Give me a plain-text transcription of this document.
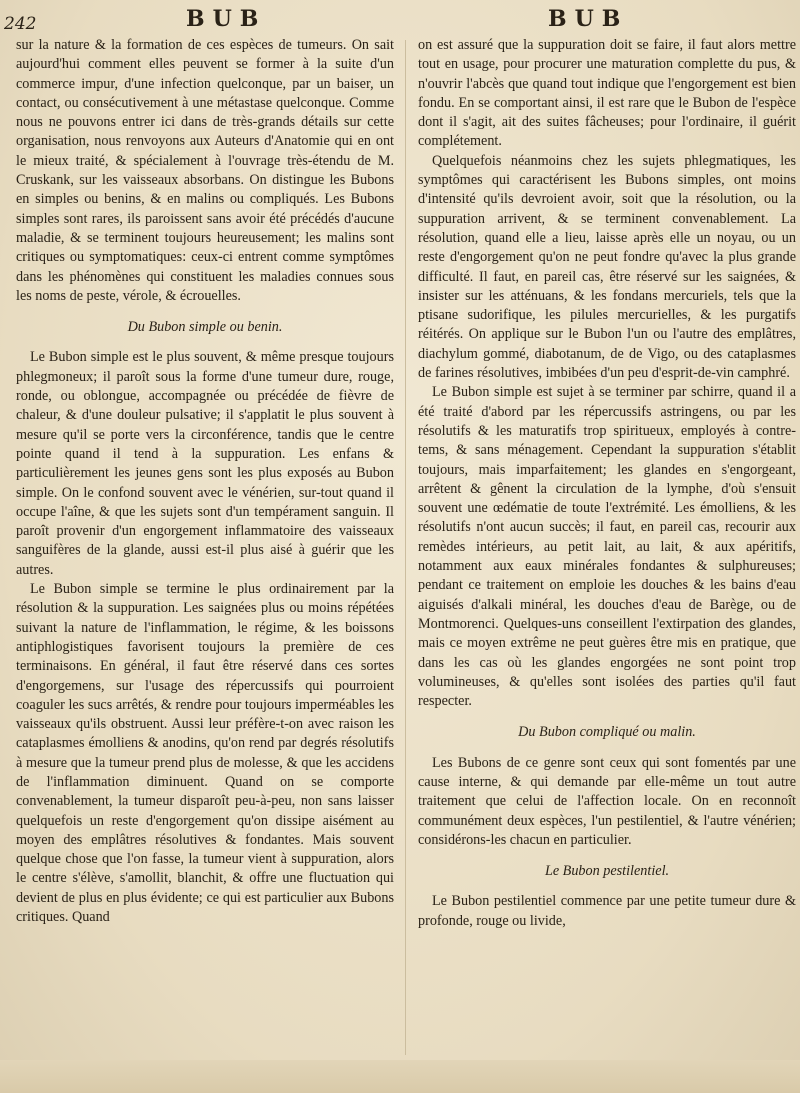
242	BUB	BUB

sur la nature & la formation de ces espèces de tumeurs. On sait aujourd'hui comment elles peuvent se former à la suite d'un commerce impur, d'une infection quelconque, par un baiser, un contact, ou consécutivement à une métastase quelconque. Comme nous ne pouvons entrer ici dans de très-grands détails sur cette organisation, nous renvoyons aux Auteurs d'Anatomie qui en ont le mieux traité, & spécialement à l'ouvrage très-étendu de M. Cruskank, sur les vaisseaux absorbans. On distingue les Bubons en simples ou benins, & en malins ou compliqués. Les Bubons simples sont rares, ils paroissent sans avoir été précédés d'aucune maladie, & se terminent toujours heureusement; les malins sont critiques ou symptomatiques: ceux-ci entrent comme symptômes dans les phénomènes qui constituent les maladies connues sous les noms de peste, vérole, & écrouelles.

Du Bubon simple ou benin.

Le Bubon simple est le plus souvent, & même presque toujours phlegmoneux; il paroît sous la forme d'une tumeur dure, rouge, ronde, ou oblongue, accompagnée ou précédée de fièvre de chaleur, & d'une douleur pulsative; il s'applatit le plus souvent à mesure qu'il se porte vers la circonférence, tandis que le centre pointe quand il tend à la suppuration. Les enfans & particulièrement les jeunes gens sont les plus exposés au Bubon simple. On le confond souvent avec le vénérien, sur-tout quand il occupe l'aîne, & que les sujets sont d'un tempérament sanguin. Il paroît provenir d'un engorgement inflammatoire des vaisseaux sanguifères de la glande, aussi est-il plus aisé à guérir que les autres.

Le Bubon simple se termine le plus ordinairement par la résolution & la suppuration. Les saignées plus ou moins répétées suivant la nature de l'inflammation, le régime, & les boissons antiphlogistiques favorisent toujours la première de ces terminaisons. En général, il faut être réservé dans ces sortes d'engorgemens, sur l'usage des répercussifs qui pourroient coaguler les sucs arrêtés, & rendre pour toujours imperméables les vaisseaux qu'ils obstruent. Aussi leur préfère-t-on avec raison les cataplasmes émolliens & anodins, qu'on rend par degrés résolutifs à mesure que la tumeur prend plus de molesse, & que les accidens de l'inflammation diminuent. Quand on se comporte convenablement, la tumeur disparoît peu-à-peu, non sans laisser quelquefois un reste d'engorgement qu'on dissipe aisément au moyen des emplâtres résolutives & fondantes. Mais souvent quelque chose que l'on fasse, la tumeur vient à suppuration, alors le centre s'élève, s'amollit, blanchit, & offre une fluctuation qui devient de plus en plus évidente; ce qui est particulier aux Bubons critiques. Quand

on est assuré que la suppuration doit se faire, il faut alors mettre tout en usage, pour procurer une maturation complette du pus, & n'ouvrir l'abcès que quand tout indique que l'engorgement est bien fondu. En se comportant ainsi, il est rare que le Bubon de l'espèce dont il s'agit, ait des suites fâcheuses; pour l'ordinaire, il guérit complétement.

Quelquefois néanmoins chez les sujets phlegmatiques, les symptômes qui caractérisent les Bubons simples, ont moins d'intensité qu'ils devroient avoir, soit que la résolution, ou la suppuration arrivent, & se terminent convenablement. La résolution, quand elle a lieu, laisse après elle un noyau, ou un reste d'engorgement qu'on ne peut fondre qu'avec la plus grande difficulté. Il faut, en pareil cas, être réservé sur les saignées, & insister sur les atténuans, & les fondans mercuriels, tels que la ptisane sudorifique, les pilules mercurielles, & les purgatifs réitérés. On applique sur le Bubon l'un ou l'autre des emplâtres, diachylum gommé, diabotanum, de de Vigo, ou des cataplasmes de farines résolutives, imbibées d'un peu d'esprit-de-vin camphré.

Le Bubon simple est sujet à se terminer par schirre, quand il a été traité d'abord par les répercussifs astringens, ou par les résolutifs & les maturatifs trop spiritueux, employés à contre-tems, & sans ménagement. Cependant la suppuration s'établit toujours, mais imparfaitement; les glandes en s'engorgeant, arrêtent & gênent la circulation de la lymphe, d'où s'ensuit souvent une œdématie de toute l'extrémité. Les émolliens, & les résolutifs n'ont aucun succès; il faut, en pareil cas, recourir aux remèdes intérieurs, au petit lait, au lait, & aux apéritifs, notamment aux eaux minérales fondantes & sulphureuses; pendant ce traitement on emploie les douches & les bains d'eau aiguisés d'alkali minéral, les douches d'eau de Barège, ou de Montmorenci. Quelques-uns conseillent l'extirpation des glandes, mais ce moyen extrême ne peut guères être mis en pratique, que dans les cas où les glandes engorgées ne sont point trop volumineuses, & qu'elles sont isolées des parties qu'il faut respecter.

Du Bubon compliqué ou malin.

Les Bubons de ce genre sont ceux qui sont fomentés par une cause interne, & qui demande par elle-même un tout autre traitement que celui de l'affection locale. On en reconnoît communément deux espèces, l'un pestilentiel, & l'autre vénérien; considérons-les chacun en particulier.

Le Bubon pestilentiel.

Le Bubon pestilentiel commence par une petite tumeur dure & profonde, rouge ou livide,
